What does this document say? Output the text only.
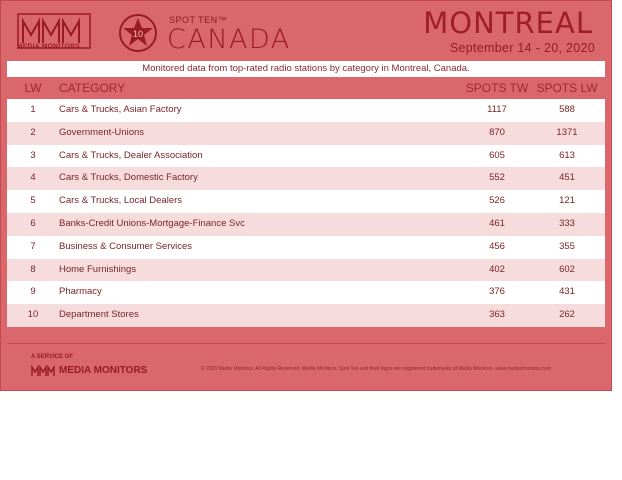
MEDIA MONITORS
10
SPOT TEN™
CANADA	MONTREAL
September 14 - 20, 2020
Monitored data from top-rated radio stations by category in Montreal, Canada.
LW	CATEGORY	SPOTS TW SPOTS LW
1	Cars & Trucks, Asian Factory	1117	588
2	Government-Unions	870	1371
3	Cars & Trucks, Dealer Association	605	613
4	Cars & Trucks, Domestic Factory	552	451
5	Cars & Trucks, Local Dealers	526	121
6	Banks-Credit Unions-Mortgage-Finance Svc	461	333
7	Business & Consumer Services	456	355
8	Home Furnishings	402	602
9	Pharmacy	376	431
10	Department Stores	363	262
A SERVICE OF
MEDIA MONITORS	© 2020 Media Monitors. All Rights Reserved. Media Monitors, Spot Ten and their logos are registered trademarks of Media Monitors. www.mediamonitors.com
